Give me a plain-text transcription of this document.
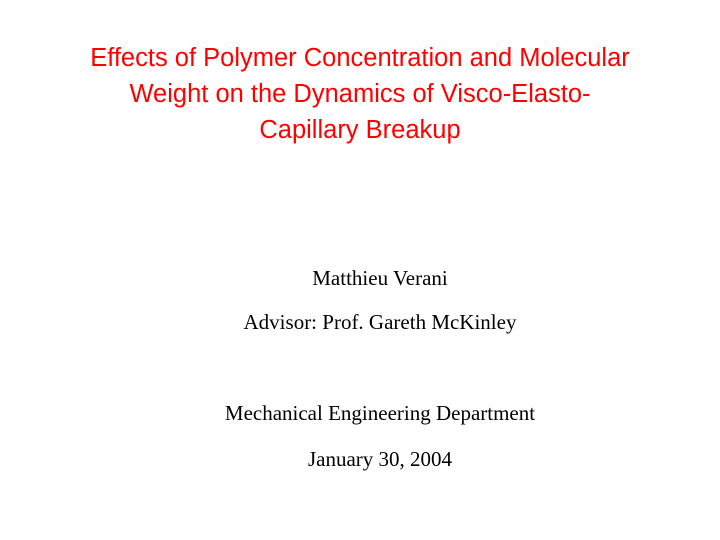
Effects of Polymer Concentration and Molecular
Weight on the Dynamics of Visco-Elasto-
Capillary Breakup
Matthieu Verani
Advisor: Prof. Gareth McKinley
Mechanical Engineering Department
January 30, 2004
